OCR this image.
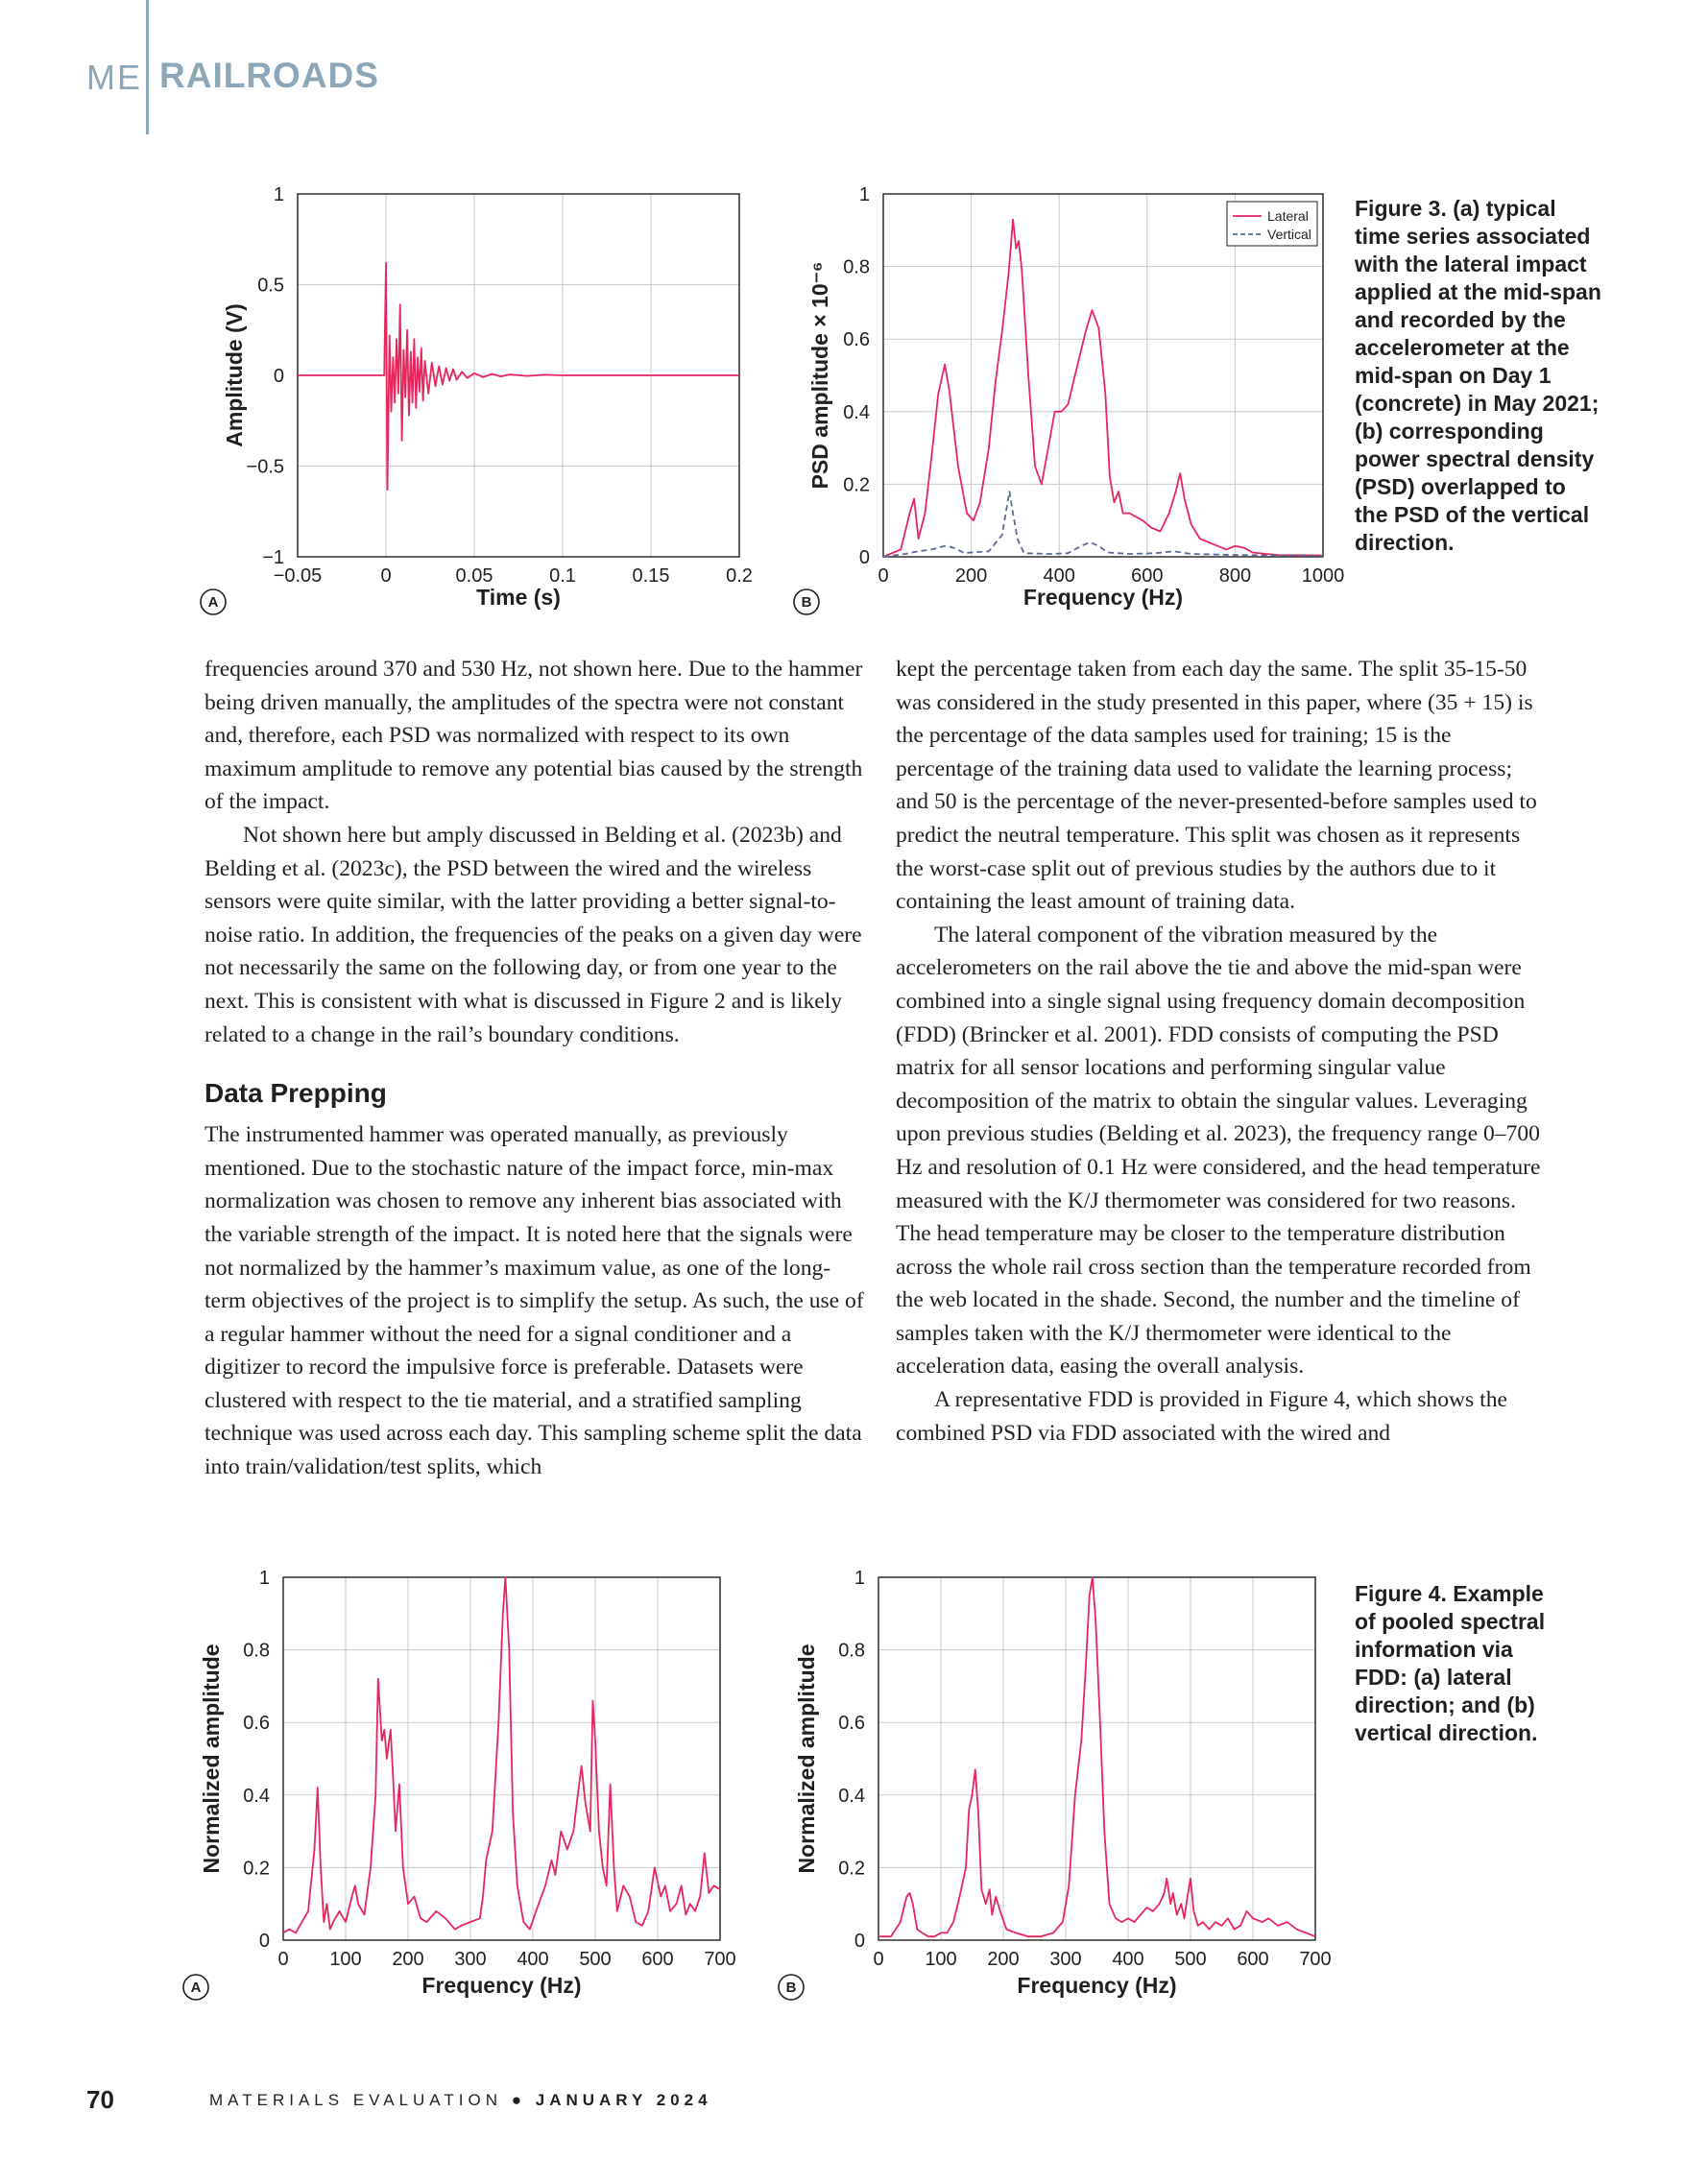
ME RAILROADS
A
−0.05	0	0.05	0.1	0.15	0.2
−1
−0.5
0
0.5
1
Time (s)
Amplitude (V)
B
0	200	400	600	800	1000
0
0.2
0.4
0.6
0.8
1
Frequency (Hz)
PSD amplitude × 10⁻⁶
Lateral
Vertical
Figure 3. (a) typical time series associated with the lateral impact applied at the mid-span and recorded by the accelerometer at the mid-span on Day 1 (concrete) in May 2021; (b) corresponding power spectral density (PSD) overlapped to the PSD of the vertical direction.

frequencies around 370 and 530 Hz, not shown here. Due to the hammer being driven manually, the amplitudes of the spectra were not constant and, therefore, each PSD was normalized with respect to its own maximum amplitude to remove any potential bias caused by the strength of the impact.

Not shown here but amply discussed in Belding et al. (2023b) and Belding et al. (2023c), the PSD between the wired and the wireless sensors were quite similar, with the latter providing a better signal-to-noise ratio. In addition, the frequencies of the peaks on a given day were not necessarily the same on the following day, or from one year to the next. This is consistent with what is discussed in Figure 2 and is likely related to a change in the rail’s boundary conditions.

Data Prepping

The instrumented hammer was operated manually, as previously mentioned. Due to the stochastic nature of the impact force, min-max normalization was chosen to remove any inherent bias associated with the variable strength of the impact. It is noted here that the signals were not normalized by the hammer’s maximum value, as one of the long-term objectives of the project is to simplify the setup. As such, the use of a regular hammer without the need for a signal conditioner and a digitizer to record the impulsive force is preferable. Datasets were clustered with respect to the tie material, and a stratified sampling technique was used across each day. This sampling scheme split the data into train/validation/test splits, which

kept the percentage taken from each day the same. The split 35-15-50 was considered in the study presented in this paper, where (35 + 15) is the percentage of the data samples used for training; 15 is the percentage of the training data used to validate the learning process; and 50 is the percentage of the never-presented-before samples used to predict the neutral temperature. This split was chosen as it represents the worst-case split out of previous studies by the authors due to it containing the least amount of training data.

The lateral component of the vibration measured by the accelerometers on the rail above the tie and above the mid-span were combined into a single signal using frequency domain decomposition (FDD) (Brincker et al. 2001). FDD consists of computing the PSD matrix for all sensor locations and performing singular value decomposition of the matrix to obtain the singular values. Leveraging upon previous studies (Belding et al. 2023), the frequency range 0–700 Hz and resolution of 0.1 Hz were considered, and the head temperature measured with the K/J thermometer was considered for two reasons. The head temperature may be closer to the temperature distribution across the whole rail cross section than the temperature recorded from the web located in the shade. Second, the number and the timeline of samples taken with the K/J thermometer were identical to the acceleration data, easing the overall analysis.

A representative FDD is provided in Figure 4, which shows the combined PSD via FDD associated with the wired and

A
0 100 200 300 400 500 600 700
0
0.2
0.4
0.6
0.8
1
Frequency (Hz)
Normalized amplitude
B
0 100 200 300 400 500 600 700
0
0.2
0.4
0.6
0.8
1
Frequency (Hz)
Normalized amplitude
Figure 4. Example of pooled spectral information via FDD: (a) lateral direction; and (b) vertical direction.
70	MATERIALS EVALUATION ● JANUARY 2024
